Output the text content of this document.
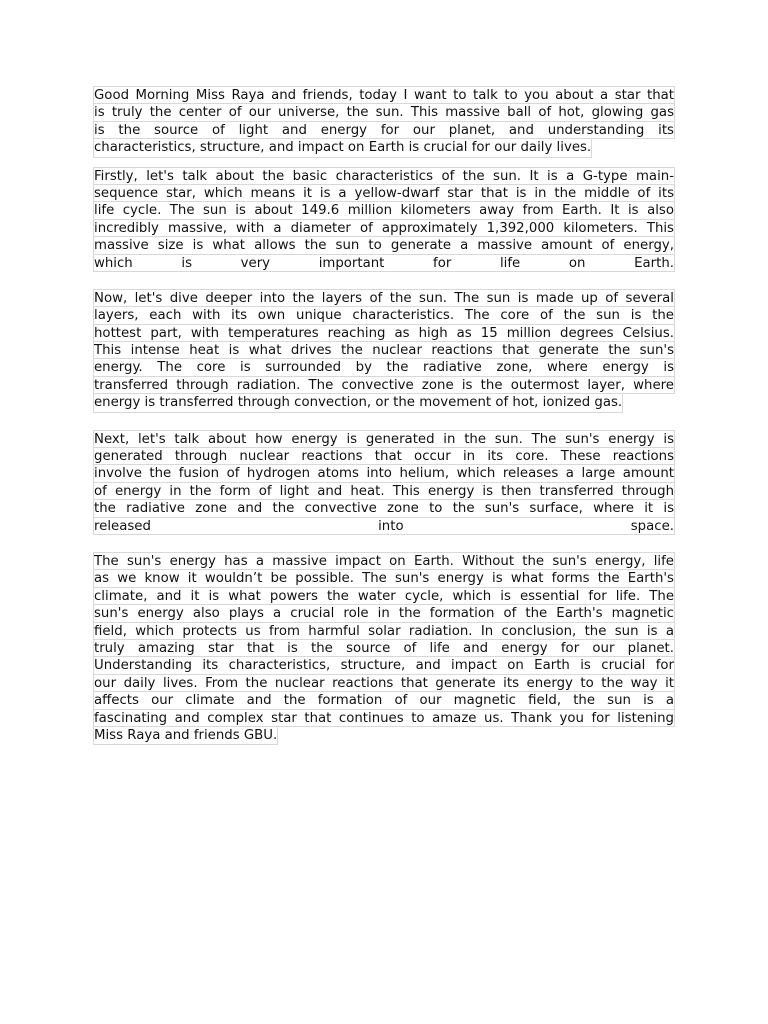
Good Morning Miss Raya and friends, today I want to talk to you about a star that
is truly the center of our universe, the sun. This massive ball of hot, glowing gas
is the source of light and energy for our planet, and understanding its
characteristics, structure, and impact on Earth is crucial for our daily lives.
Firstly, let's talk about the basic characteristics of the sun. It is a G-type main-
sequence star, which means it is a yellow-dwarf star that is in the middle of its
life cycle. The sun is about 149.6 million kilometers away from Earth. It is also
incredibly massive, with a diameter of approximately 1,392,000 kilometers. This
massive size is what allows the sun to generate a massive amount of energy,
which is very important for life on Earth.
Now, let's dive deeper into the layers of the sun. The sun is made up of several
layers, each with its own unique characteristics. The core of the sun is the
hottest part, with temperatures reaching as high as 15 million degrees Celsius.
This intense heat is what drives the nuclear reactions that generate the sun's
energy. The core is surrounded by the radiative zone, where energy is
transferred through radiation. The convective zone is the outermost layer, where
energy is transferred through convection, or the movement of hot, ionized gas.
Next, let's talk about how energy is generated in the sun. The sun's energy is
generated through nuclear reactions that occur in its core. These reactions
involve the fusion of hydrogen atoms into helium, which releases a large amount
of energy in the form of light and heat. This energy is then transferred through
the radiative zone and the convective zone to the sun's surface, where it is
released into space.
The sun's energy has a massive impact on Earth. Without the sun's energy, life
as we know it wouldn’t be possible. The sun's energy is what forms the Earth's
climate, and it is what powers the water cycle, which is essential for life. The
sun's energy also plays a crucial role in the formation of the Earth's magnetic
field, which protects us from harmful solar radiation. In conclusion, the sun is a
truly amazing star that is the source of life and energy for our planet.
Understanding its characteristics, structure, and impact on Earth is crucial for
our daily lives. From the nuclear reactions that generate its energy to the way it
affects our climate and the formation of our magnetic field, the sun is a
fascinating and complex star that continues to amaze us. Thank you for listening
Miss Raya and friends GBU.
